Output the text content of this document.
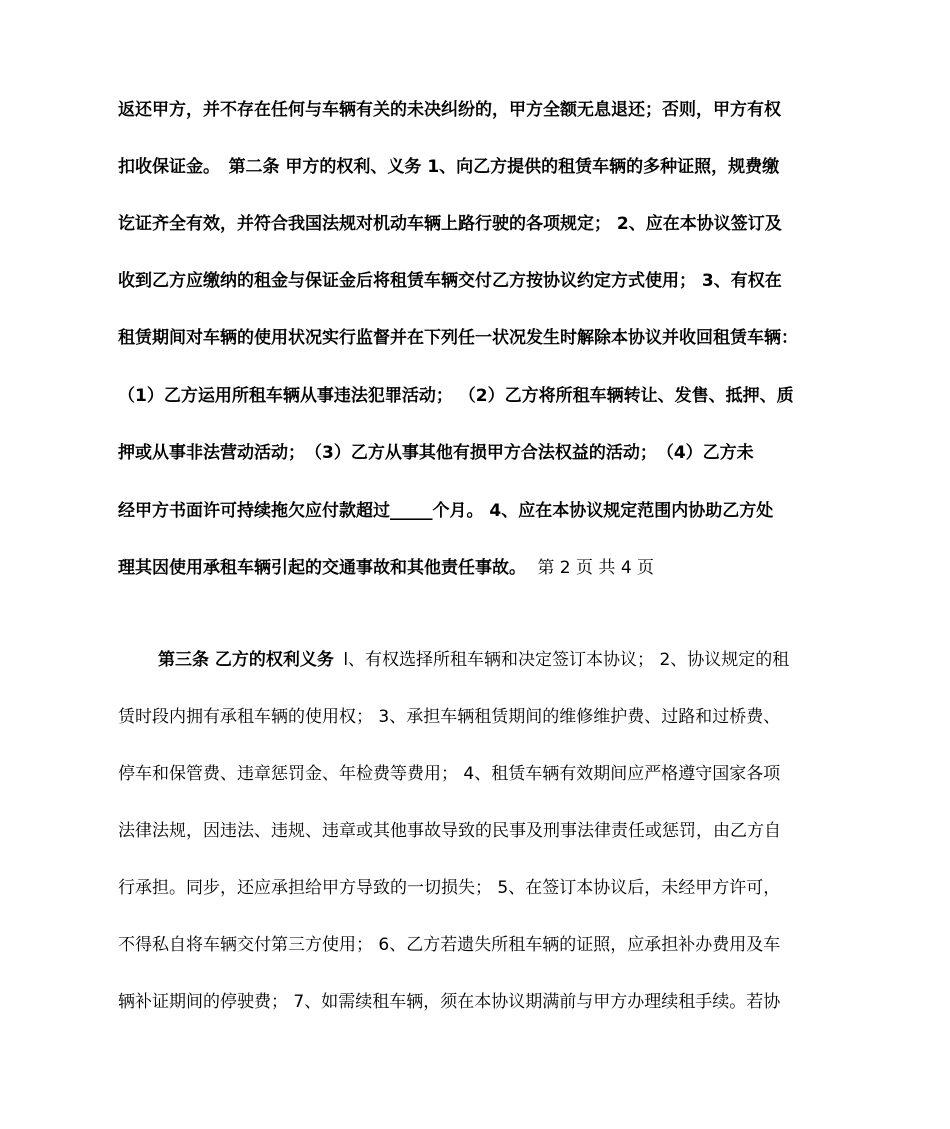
返还甲方，并不存在任何与车辆有关的未决纠纷的，甲方全额无息退还；否则，甲方有权
扣收保证金。　第二条 甲方的权利、义务 1、向乙方提供的租赁车辆的多种证照，规费缴
讫证齐全有效，并符合我国法规对机动车辆上路行驶的各项规定； 2、应在本协议签订及
收到乙方应缴纳的租金与保证金后将租赁车辆交付乙方按协议约定方式使用； 3、有权在
租赁期间对车辆的使用状况实行监督并在下列任一状况发生时解除本协议并收回租赁车辆：
（1）乙方运用所租车辆从事违法犯罪活动； （2）乙方将所租车辆转让、发售、抵押、质
押或从事非法营动活动；　（3）乙方从事其他有损甲方合法权益的活动；　（4）乙方未
经甲方书面许可持续拖欠应付款超过_____个月。 4、应在本协议规定范围内协助乙方处
理其因使用承租车辆引起的交通事故和其他责任事故。 第 2 页 共 4 页
第三条 乙方的权利义务 l、有权选择所租车辆和决定签订本协议； 2、协议规定的租
赁时段内拥有承租车辆的使用权； 3、承担车辆租赁期间的维修维护费、过路和过桥费、
停车和保管费、违章惩罚金、年检费等费用； 4、租赁车辆有效期间应严格遵守国家各项
法律法规，因违法、违规、违章或其他事故导致的民事及刑事法律责任或惩罚，由乙方自
行承担。同步，还应承担给甲方导致的一切损失； 5、在签订本协议后，未经甲方许可，
不得私自将车辆交付第三方使用； 6、乙方若遗失所租车辆的证照，应承担补办费用及车
辆补证期间的停驶费； 7、如需续租车辆，须在本协议期满前与甲方办理续租手续。若协
